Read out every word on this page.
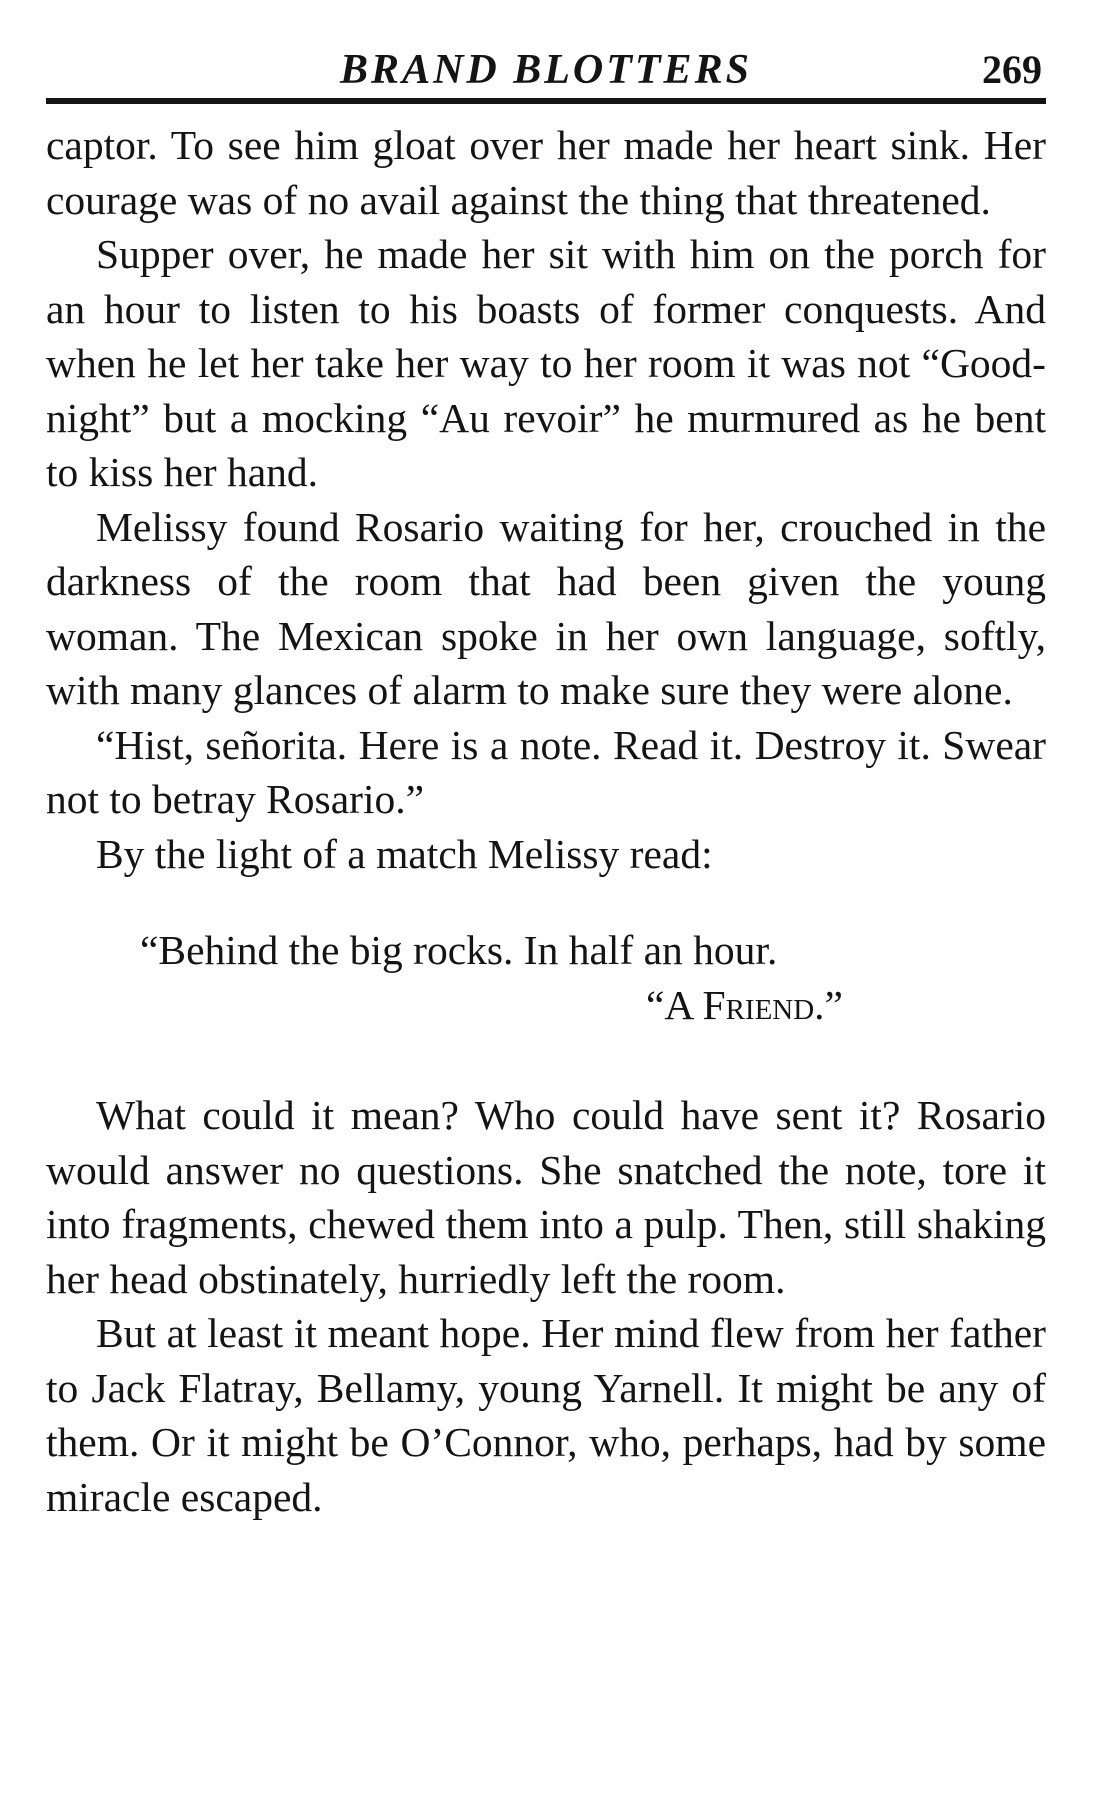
BRAND BLOTTERS	269

captor. To see him gloat over her made her heart sink. Her courage was of no avail against the thing that threatened.

Supper over, he made her sit with him on the porch for an hour to listen to his boasts of former conquests. And when he let her take her way to her room it was not “Good-night” but a mocking “Au revoir” he murmured as he bent to kiss her hand.

Melissy found Rosario waiting for her, crouched in the darkness of the room that had been given the young woman. The Mexican spoke in her own language, softly, with many glances of alarm to make sure they were alone.

“Hist, señorita. Here is a note. Read it. Destroy it. Swear not to betray Rosario.”

By the light of a match Melissy read:

“Behind the big rocks. In half an hour.
“A Friend.”

What could it mean? Who could have sent it? Rosario would answer no questions. She snatched the note, tore it into fragments, chewed them into a pulp. Then, still shaking her head obstinately, hurriedly left the room.

But at least it meant hope. Her mind flew from her father to Jack Flatray, Bellamy, young Yarnell. It might be any of them. Or it might be O’Connor, who, perhaps, had by some miracle escaped.
